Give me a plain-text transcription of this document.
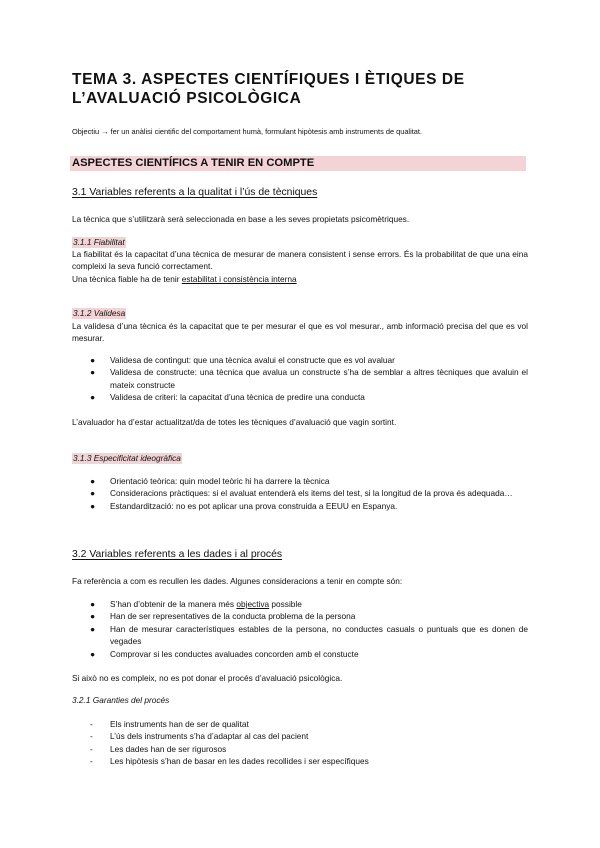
TEMA 3. ASPECTES CIENTÍFIQUES I ÈTIQUES DE L’AVALUACIÓ PSICOLÒGICA
Objectiu → fer un anàlisi cientific del comportament humà, formulant hipòtesis amb instruments de qualitat.
ASPECTES CIENTÍFICS A TENIR EN COMPTE
3.1 Variables referents a la qualitat i l’ús de tècniques
La tècnica que s’utilitzarà serà seleccionada en base a les seves propietats psicomètriques.
3.1.1 Fiabilitat
La fiabilitat és la capacitat d’una tècnica de mesurar de manera consistent i sense errors. És la probabilitat de que una eina compleixi la seva funció correctament.
Una tècnica fiable ha de tenir estabilitat i consistència interna
3.1.2 Validesa
La validesa d’una tècnica és la capacitat que te per mesurar el que es vol mesurar., amb informació precisa del que es vol mesurar.
●	Validesa de contingut: que una tècnica avalui el constructe que es vol avaluar
●	Validesa de constructe: una tècnica que avalua un constructe s’ha de semblar a altres tècniques que avaluin el mateix constructe
●	Validesa de criteri: la capacitat d’una tècnica de predire una conducta
L’avaluador ha d’estar actualitzat/da de totes les tècniques d’avaluació que vagin sortint.
3.1.3 Especificitat ideogràfica
●	Orientació teòrica: quin model teòric hi ha darrere la tècnica
●	Consideracions pràctiques: si el avaluat entenderà els items del test, si la longitud de la prova és adequada…
●	Estandardització: no es pot aplicar una prova construida a EEUU en Espanya.
3.2 Variables referents a les dades i al procés
Fa referència a com es recullen les dades. Algunes consideracions a tenir en compte són:
●	S’han d’obtenir de la manera més objectiva possible
●	Han de ser representatives de la conducta problema de la persona
●	Han de mesurar característiques estables de la persona, no conductes casuals o puntuals que es donen de vegades
●	Comprovar si les conductes avaluades concorden amb el constucte
Si això no es compleix, no es pot donar el procés d’avaluació psicològica.
3.2.1 Garanties del procés
-	Els instruments han de ser de qualitat
-	L’ús dels instruments s’ha d’adaptar al cas del pacient
-	Les dades han de ser rigurosos
-	Les hipòtesis s’han de basar en les dades recollides i ser específiques
